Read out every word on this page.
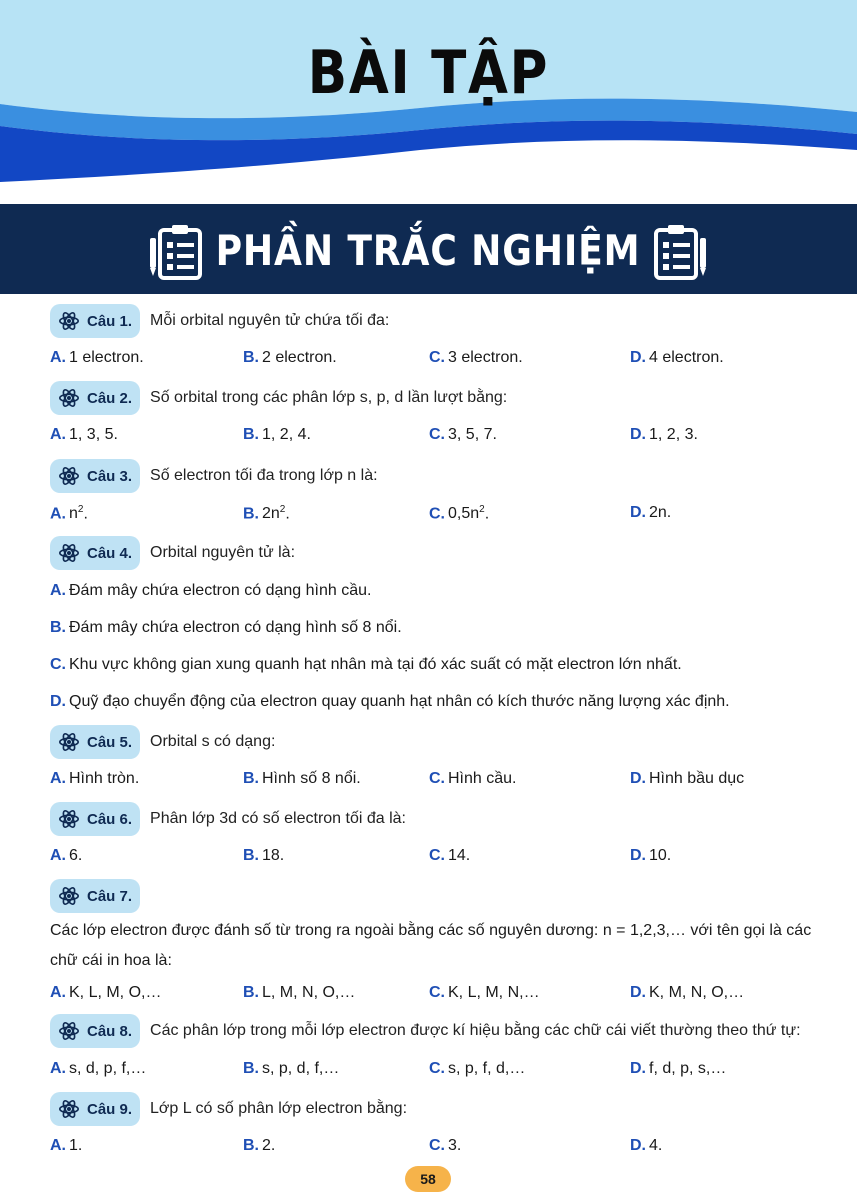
BÀI TẬP
PHẦN TRẮC NGHIỆM
Câu 1. Mỗi orbital nguyên tử chứa tối đa:
A. 1 electron.	B. 2 electron.	C. 3 electron.	D. 4 electron.
Câu 2. Số orbital trong các phân lớp s, p, d lần lượt bằng:
A. 1, 3, 5.	B. 1, 2, 4.	C. 3, 5, 7.	D. 1, 2, 3.
Câu 3. Số electron tối đa trong lớp n là:
A. $n^2$.	B. $2n^2$.	C. $0,5n^2$.	D. 2n.
Câu 4. Orbital nguyên tử là:
A. Đám mây chứa electron có dạng hình cầu.
B. Đám mây chứa electron có dạng hình số 8 nổi.
C. Khu vực không gian xung quanh hạt nhân mà tại đó xác suất có mặt electron lớn nhất.
D. Quỹ đạo chuyển động của electron quay quanh hạt nhân có kích thước năng lượng xác định.
Câu 5. Orbital s có dạng:
A. Hình tròn.	B. Hình số 8 nổi.	C. Hình cầu.	D. Hình bầu dục
Câu 6. Phân lớp 3d có số electron tối đa là:
A. 6.	B. 18.	C. 14.	D. 10.
Câu 7.
Các lớp electron được đánh số từ trong ra ngoài bằng các số nguyên dương: n = 1,2,3,… với tên gọi là các chữ cái in hoa là:
A. K, L, M, O,…	B. L, M, N, O,…	C. K, L, M, N,…	D. K, M, N, O,…
Câu 8. Các phân lớp trong mỗi lớp electron được kí hiệu bằng các chữ cái viết thường theo thứ tự:
A. s, d, p, f,…	B. s, p, d, f,…	C. s, p, f, d,…	D. f, d, p, s,…
Câu 9. Lớp L có số phân lớp electron bằng:
A. 1.	B. 2.	C. 3.	D. 4.
58
